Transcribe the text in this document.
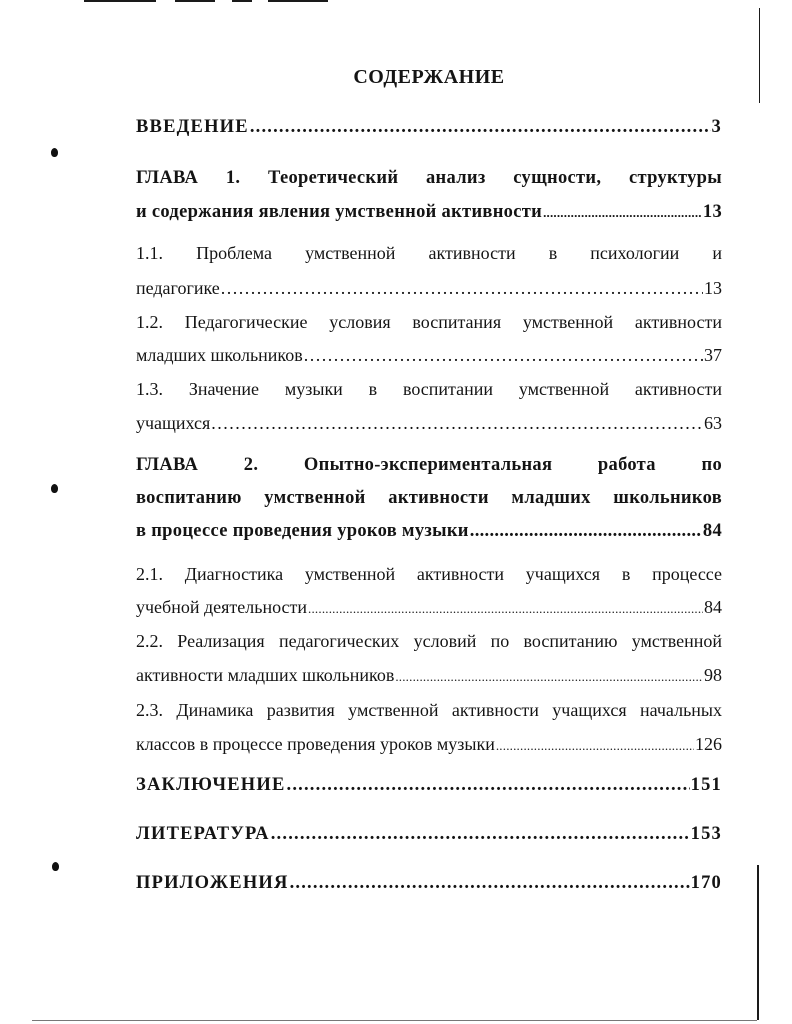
СОДЕРЖАНИЕ
ВВЕДЕНИЕ .....	3
ГЛАВА 1. Теоретический анализ сущности, структуры
и содержания явления умственной активности .....	13
1.1. Проблема умственной активности в психологии и
педагогике .....	13
1.2. Педагогические условия воспитания умственной активности
младших школьников .....	37
1.3. Значение музыки в воспитании умственной активности
учащихся .....	63
ГЛАВА 2. Опытно-экспериментальная работа по
воспитанию умственной активности младших школьников
в процессе проведения уроков музыки .....	84
2.1. Диагностика умственной активности учащихся в процессе
учебной деятельности .....	84
2.2. Реализация педагогических условий по воспитанию умственной
активности младших школьников .....	98
2.3. Динамика развития умственной активности учащихся начальных
классов в процессе проведения уроков музыки .....	126
ЗАКЛЮЧЕНИЕ .....	151
ЛИТЕРАТУРА .....	153
ПРИЛОЖЕНИЯ .....	170
